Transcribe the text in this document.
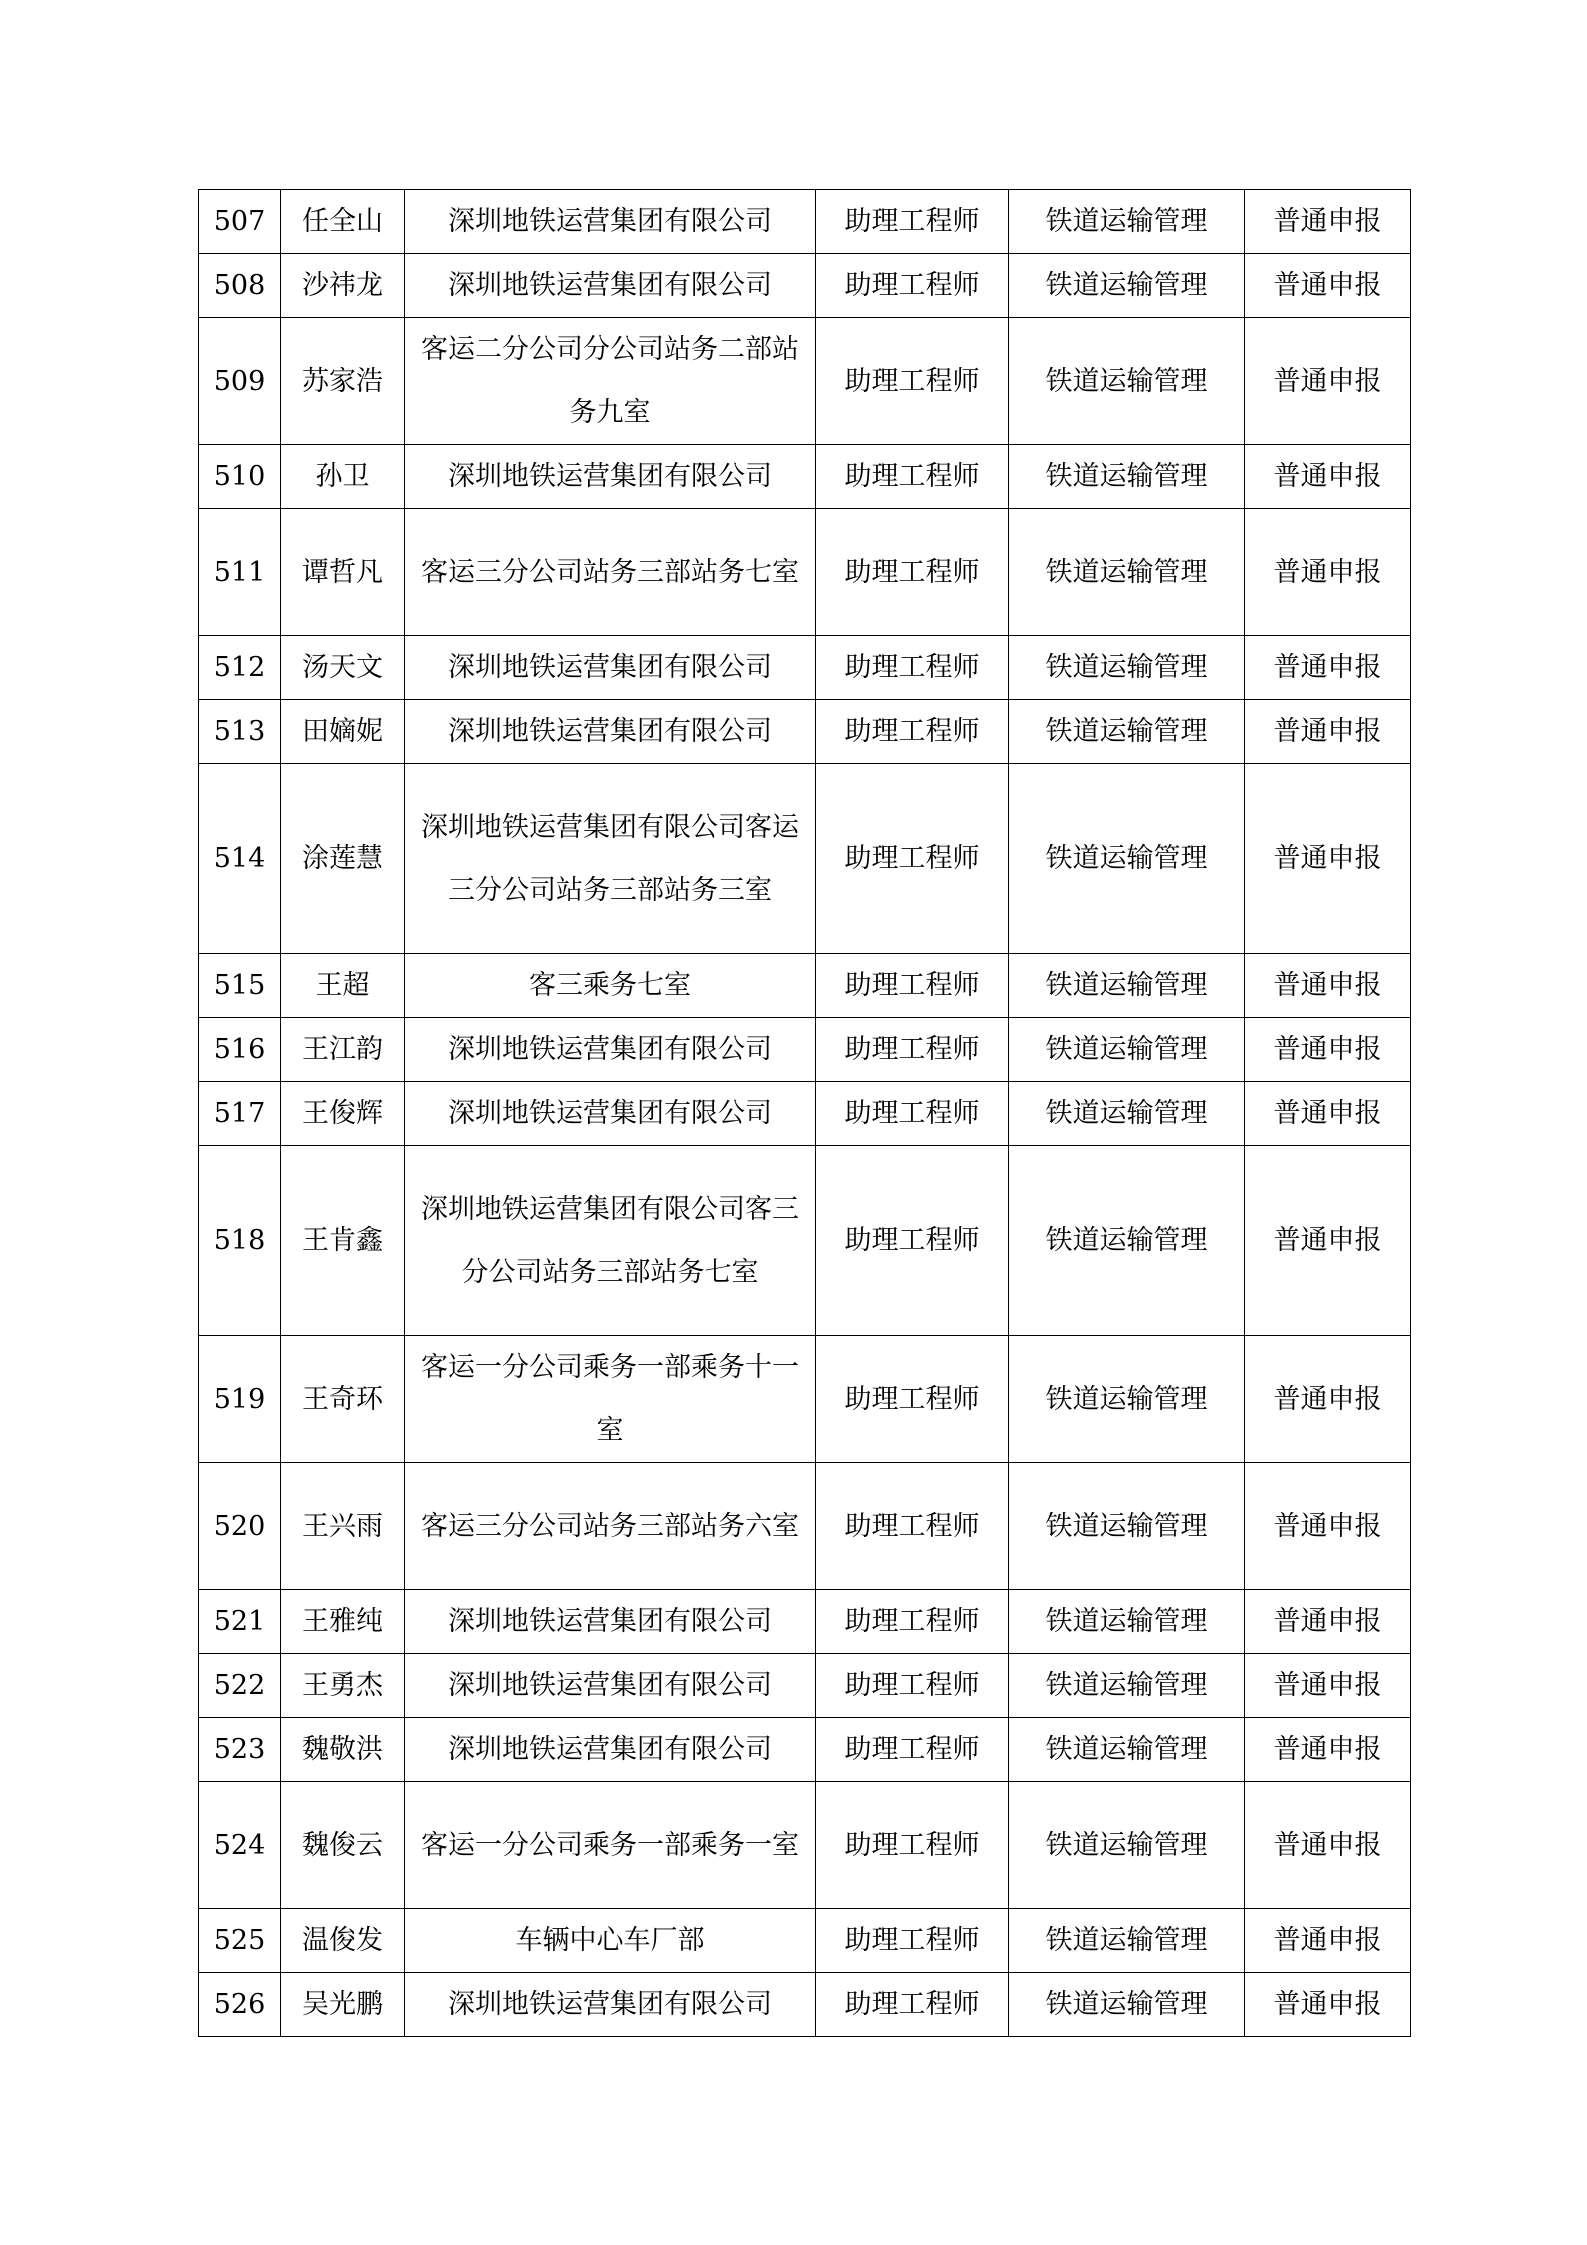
507	任全山	深圳地铁运营集团有限公司	助理工程师	铁道运输管理	普通申报
508	沙祎龙	深圳地铁运营集团有限公司	助理工程师	铁道运输管理	普通申报
509	苏家浩	客运二分公司分公司站务二部站务九室	助理工程师	铁道运输管理	普通申报
510	孙卫	深圳地铁运营集团有限公司	助理工程师	铁道运输管理	普通申报
511	谭哲凡	客运三分公司站务三部站务七室	助理工程师	铁道运输管理	普通申报
512	汤天文	深圳地铁运营集团有限公司	助理工程师	铁道运输管理	普通申报
513	田嫡妮	深圳地铁运营集团有限公司	助理工程师	铁道运输管理	普通申报
514	涂莲慧	深圳地铁运营集团有限公司客运三分公司站务三部站务三室	助理工程师	铁道运输管理	普通申报
515	王超	客三乘务七室	助理工程师	铁道运输管理	普通申报
516	王江韵	深圳地铁运营集团有限公司	助理工程师	铁道运输管理	普通申报
517	王俊辉	深圳地铁运营集团有限公司	助理工程师	铁道运输管理	普通申报
518	王肯鑫	深圳地铁运营集团有限公司客三分公司站务三部站务七室	助理工程师	铁道运输管理	普通申报
519	王奇环	客运一分公司乘务一部乘务十一室	助理工程师	铁道运输管理	普通申报
520	王兴雨	客运三分公司站务三部站务六室	助理工程师	铁道运输管理	普通申报
521	王雅纯	深圳地铁运营集团有限公司	助理工程师	铁道运输管理	普通申报
522	王勇杰	深圳地铁运营集团有限公司	助理工程师	铁道运输管理	普通申报
523	魏敬洪	深圳地铁运营集团有限公司	助理工程师	铁道运输管理	普通申报
524	魏俊云	客运一分公司乘务一部乘务一室	助理工程师	铁道运输管理	普通申报
525	温俊发	车辆中心车厂部	助理工程师	铁道运输管理	普通申报
526	吴光鹏	深圳地铁运营集团有限公司	助理工程师	铁道运输管理	普通申报
